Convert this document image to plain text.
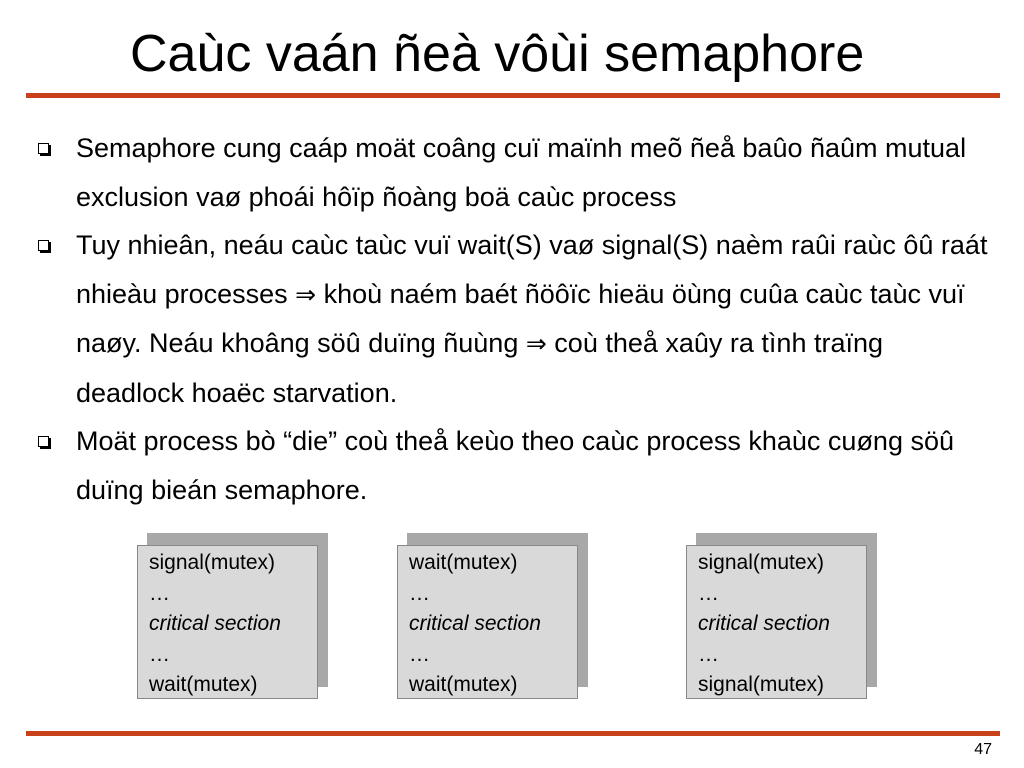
Caùc vaán ñeà vôùi semaphore
Semaphore cung caáp moät coâng cuï maïnh meõ ñeå baûo ñaûm mutual exclusion vaø phoái hôïp ñoàng boä caùc process
Tuy nhieân, neáu caùc taùc vuï wait(S) vaø signal(S) naèm raûi raùc ôû raát nhieàu processes ⇒ khoù naém baét ñöôïc hieäu öùng cuûa caùc taùc vuï naøy. Neáu khoâng söû duïng ñuùng ⇒ coù theå xaûy ra tình traïng deadlock hoaëc starvation.
Moät process bò “die” coù theå keùo theo caùc process khaùc cuøng söû duïng bieán semaphore.
signal(mutex)
…
critical section
…
wait(mutex)
wait(mutex)
…
critical section
…
wait(mutex)
signal(mutex)
…
critical section
…
signal(mutex)
47
